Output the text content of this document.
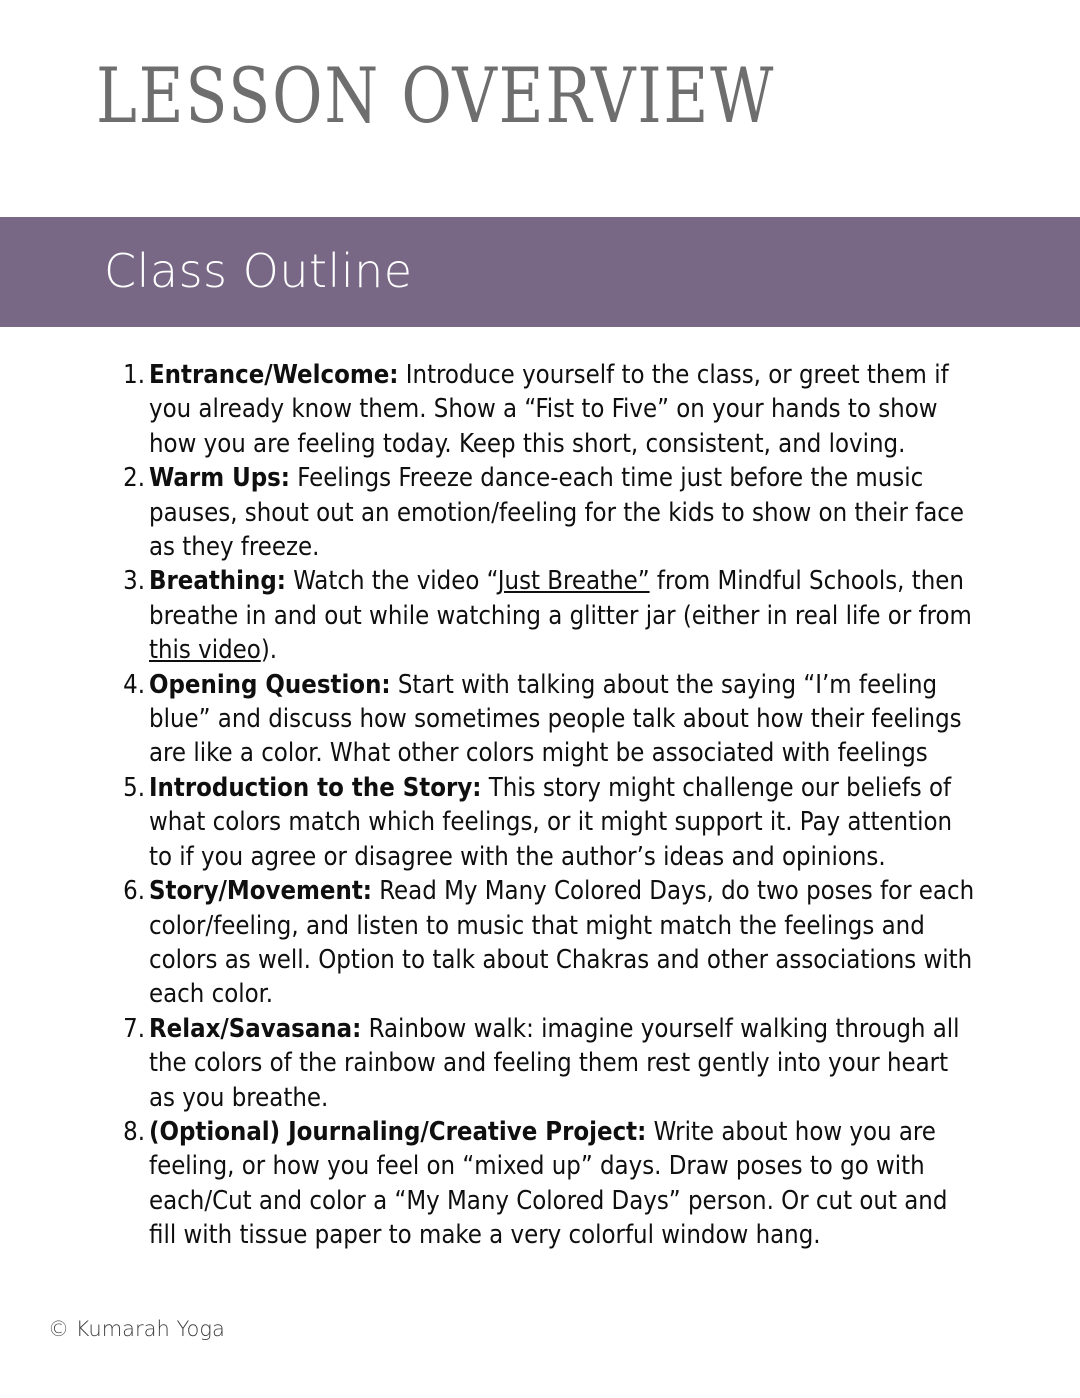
LESSON OVERVIEW
Class Outline
1. Entrance/Welcome: Introduce yourself to the class, or greet them if you already know them. Show a “Fist to Five” on your hands to show how you are feeling today. Keep this short, consistent, and loving.
2. Warm Ups: Feelings Freeze dance-each time just before the music pauses, shout out an emotion/feeling for the kids to show on their face as they freeze.
3. Breathing: Watch the video “Just Breathe” from Mindful Schools, then breathe in and out while watching a glitter jar (either in real life or from this video).
4. Opening Question: Start with talking about the saying “I’m feeling blue” and discuss how sometimes people talk about how their feelings are like a color. What other colors might be associated with feelings
5. Introduction to the Story: This story might challenge our beliefs of what colors match which feelings, or it might support it. Pay attention to if you agree or disagree with the author’s ideas and opinions.
6. Story/Movement: Read My Many Colored Days, do two poses for each color/feeling, and listen to music that might match the feelings and colors as well. Option to talk about Chakras and other associations with each color.
7. Relax/Savasana: Rainbow walk: imagine yourself walking through all the colors of the rainbow and feeling them rest gently into your heart as you breathe.
8. (Optional) Journaling/Creative Project: Write about how you are feeling, or how you feel on “mixed up” days. Draw poses to go with each/Cut and color a “My Many Colored Days” person. Or cut out and fill with tissue paper to make a very colorful window hang.
© Kumarah Yoga
